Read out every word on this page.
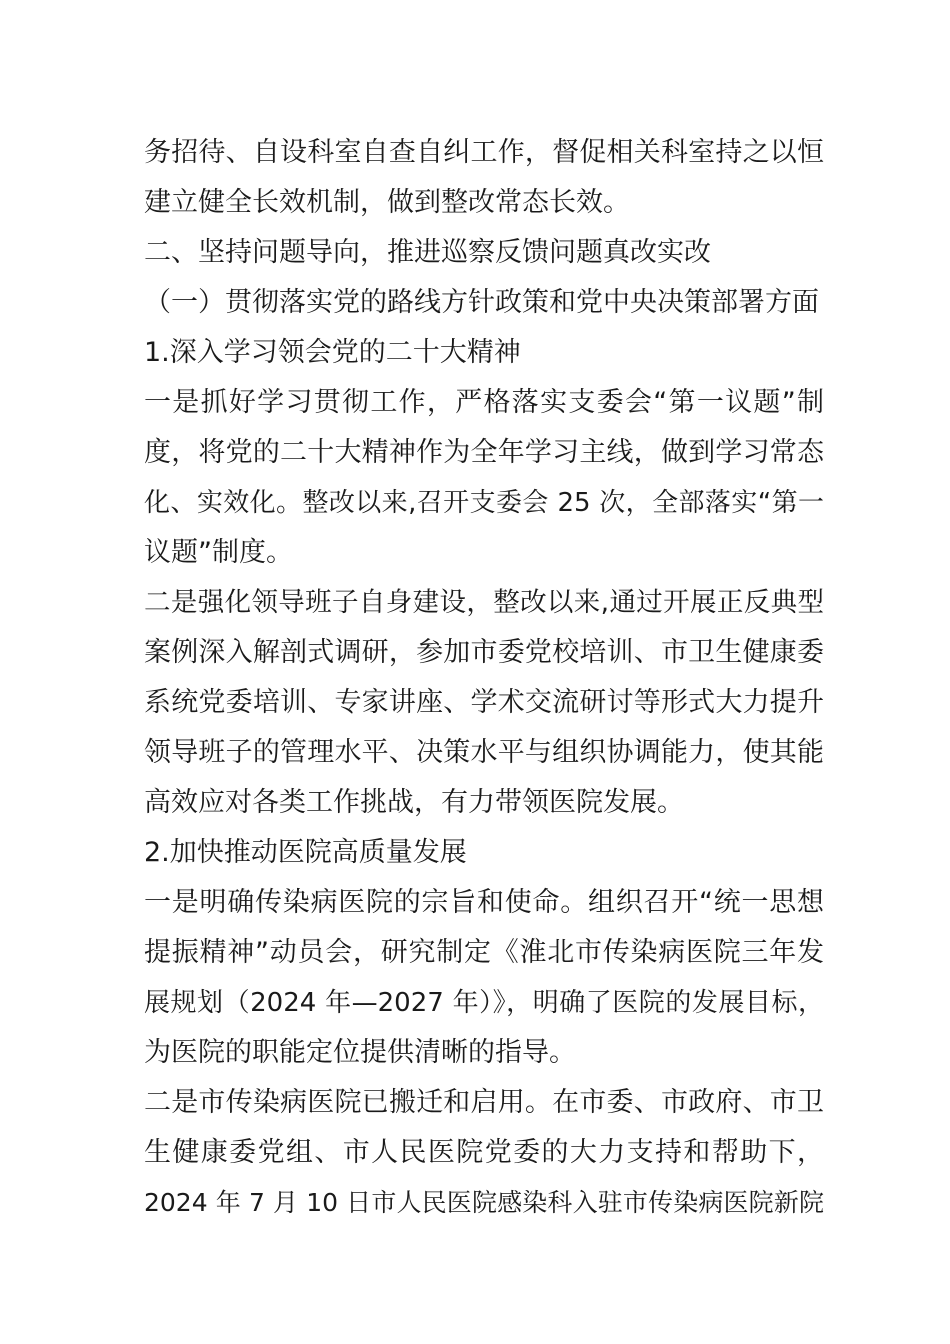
务招待、自设科室自查自纠工作，督促相关科室持之以恒
建立健全长效机制，做到整改常态长效。
二、坚持问题导向，推进巡察反馈问题真改实改
（一）贯彻落实党的路线方针政策和党中央决策部署方面
1.深入学习领会党的二十大精神
一是抓好学习贯彻工作，严格落实支委会“第一议题”制
度，将党的二十大精神作为全年学习主线，做到学习常态
化、实效化。整改以来,召开支委会 25 次，全部落实“第一
议题”制度。
二是强化领导班子自身建设，整改以来,通过开展正反典型
案例深入解剖式调研，参加市委党校培训、市卫生健康委
系统党委培训、专家讲座、学术交流研讨等形式大力提升
领导班子的管理水平、决策水平与组织协调能力，使其能
高效应对各类工作挑战，有力带领医院发展。
2.加快推动医院高质量发展
一是明确传染病医院的宗旨和使命。组织召开“统一思想
提振精神”动员会，研究制定《淮北市传染病医院三年发
展规划（2024 年—2027 年）》，明确了医院的发展目标，
为医院的职能定位提供清晰的指导。
二是市传染病医院已搬迁和启用。在市委、市政府、市卫
生健康委党组、市人民医院党委的大力支持和帮助下，
2024 年 7 月 10 日市人民医院感染科入驻市传染病医院新院
